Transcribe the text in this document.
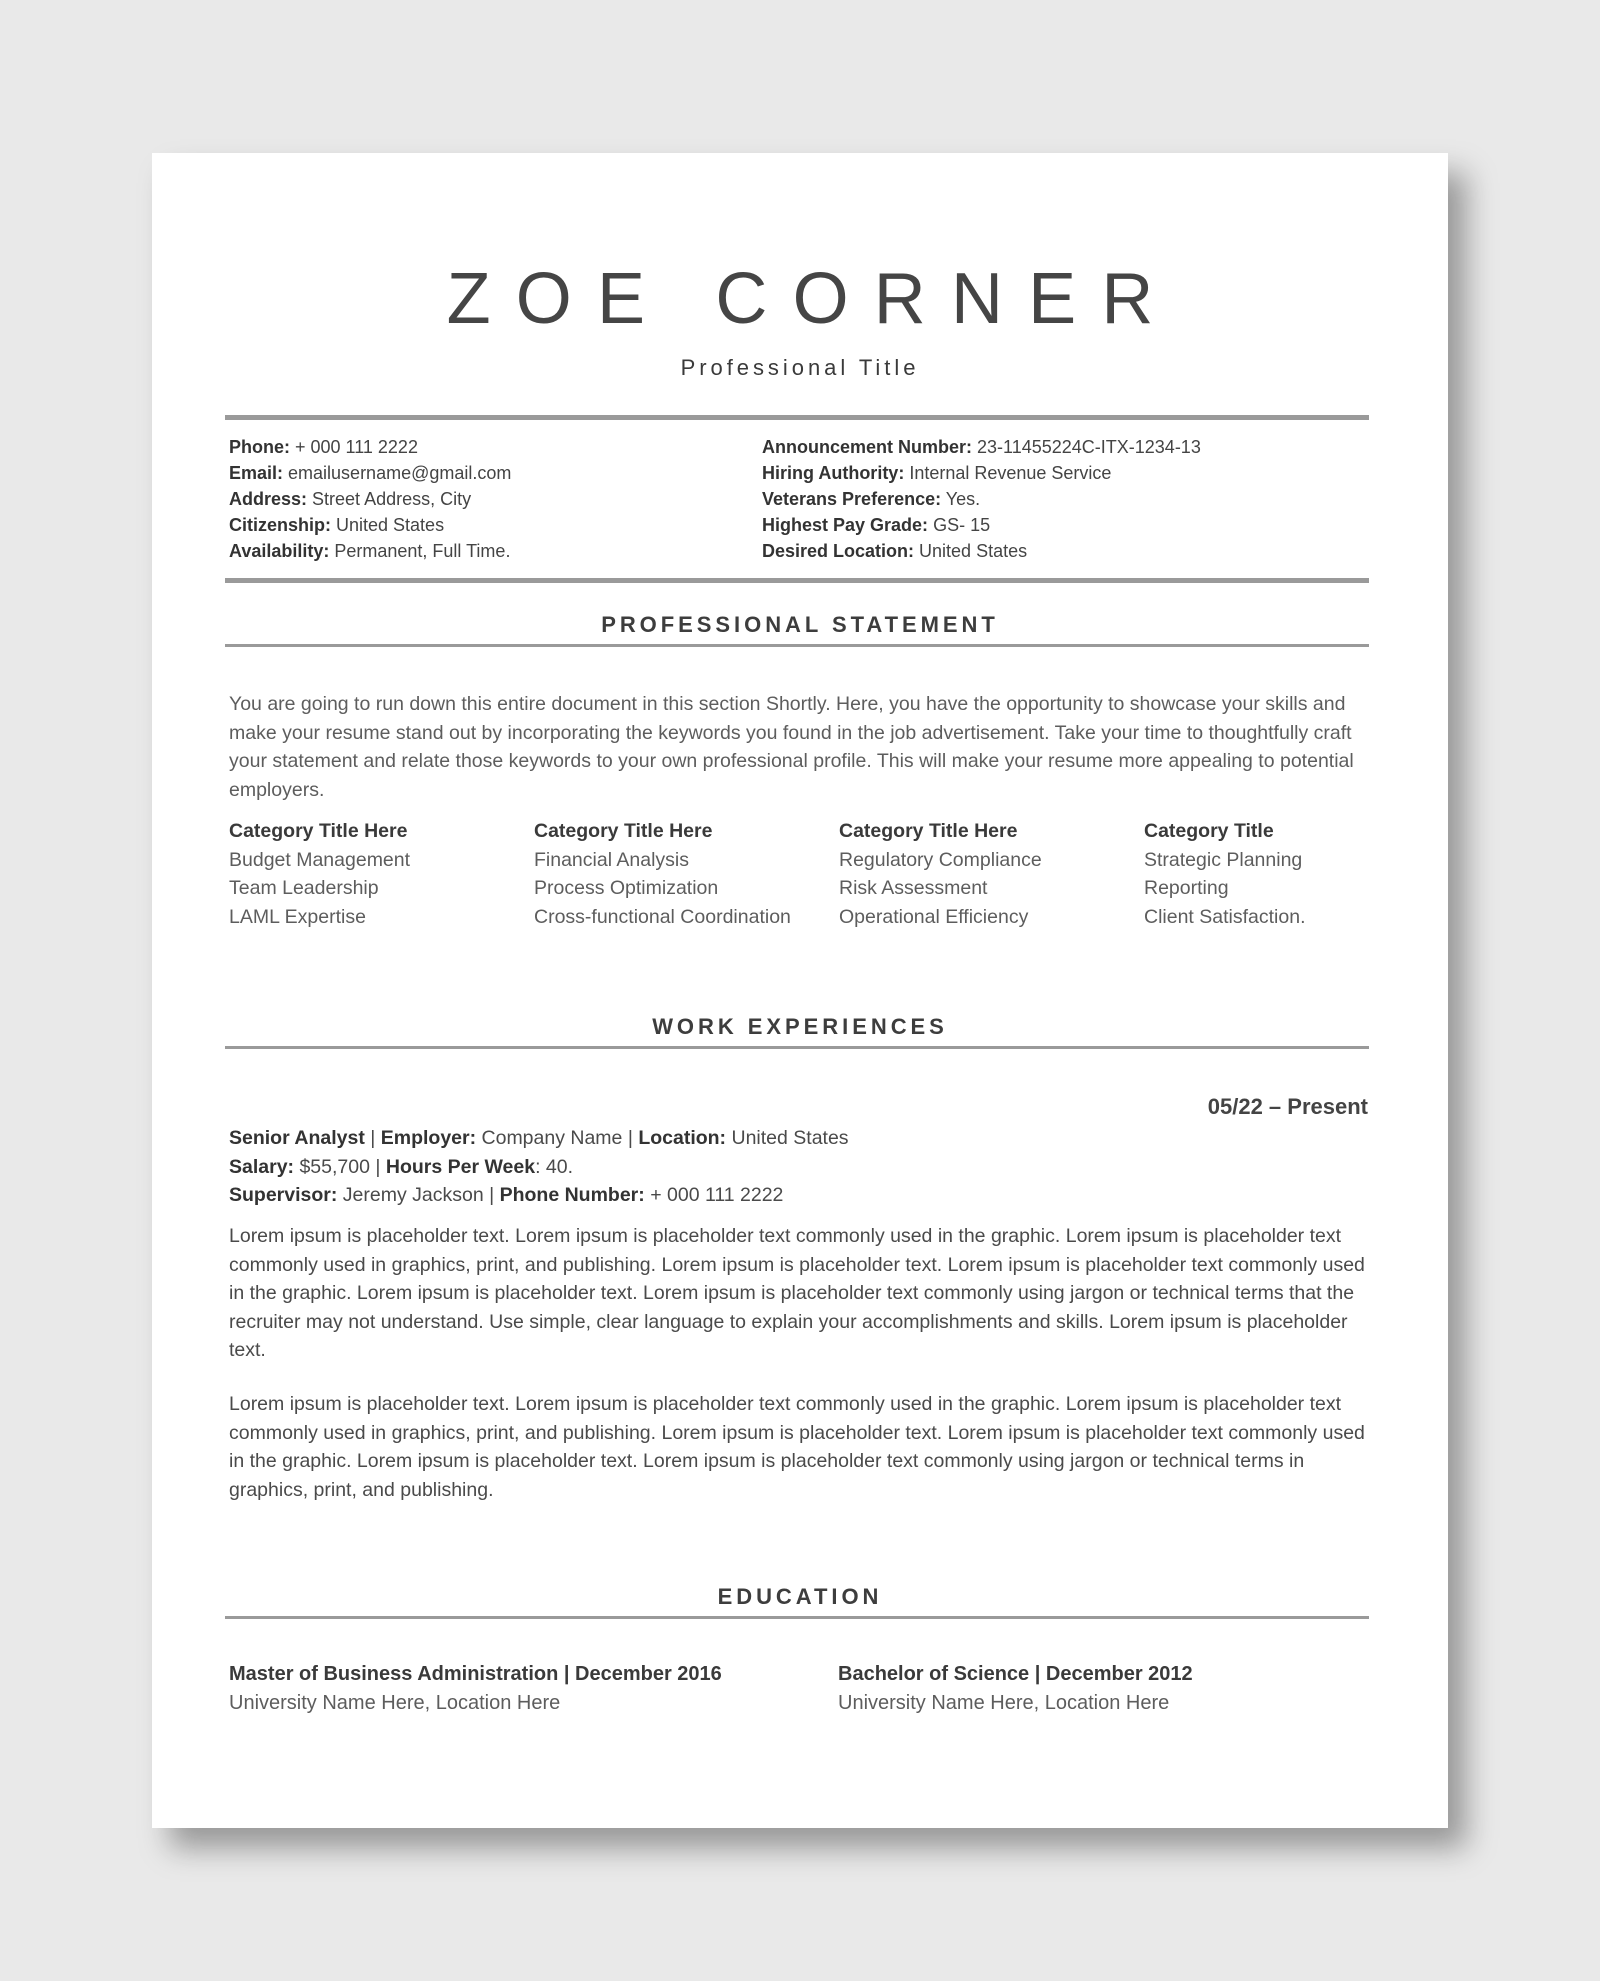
ZOE CORNER
Professional Title
Phone: + 000 111 2222
Email: emailusername@gmail.com
Address: Street Address, City
Citizenship: United States
Availability: Permanent, Full Time.
Announcement Number: 23-11455224C-ITX-1234-13
Hiring Authority: Internal Revenue Service
Veterans Preference: Yes.
Highest Pay Grade: GS- 15
Desired Location: United States
PROFESSIONAL STATEMENT
You are going to run down this entire document in this section Shortly. Here, you have the opportunity to showcase your skills and make your resume stand out by incorporating the keywords you found in the job advertisement. Take your time to thoughtfully craft your statement and relate those keywords to your own professional profile. This will make your resume more appealing to potential employers.
Category Title Here
Budget Management
Team Leadership
LAML Expertise
Category Title Here
Financial Analysis
Process Optimization
Cross-functional Coordination
Category Title Here
Regulatory Compliance
Risk Assessment
Operational Efficiency
Category Title
Strategic Planning
Reporting
Client Satisfaction.
WORK EXPERIENCES
05/22 – Present
Senior Analyst | Employer: Company Name | Location: United States
Salary: $55,700 | Hours Per Week: 40.
Supervisor: Jeremy Jackson | Phone Number: + 000 111 2222
Lorem ipsum is placeholder text. Lorem ipsum is placeholder text commonly used in the graphic. Lorem ipsum is placeholder text commonly used in graphics, print, and publishing. Lorem ipsum is placeholder text. Lorem ipsum is placeholder text commonly used in the graphic. Lorem ipsum is placeholder text. Lorem ipsum is placeholder text commonly using jargon or technical terms that the recruiter may not understand. Use simple, clear language to explain your accomplishments and skills. Lorem ipsum is placeholder text.
Lorem ipsum is placeholder text. Lorem ipsum is placeholder text commonly used in the graphic. Lorem ipsum is placeholder text commonly used in graphics, print, and publishing. Lorem ipsum is placeholder text. Lorem ipsum is placeholder text commonly used in the graphic. Lorem ipsum is placeholder text. Lorem ipsum is placeholder text commonly using jargon or technical terms in graphics, print, and publishing.
EDUCATION
Master of Business Administration | December 2016
University Name Here, Location Here
Bachelor of Science | December 2012
University Name Here, Location Here
